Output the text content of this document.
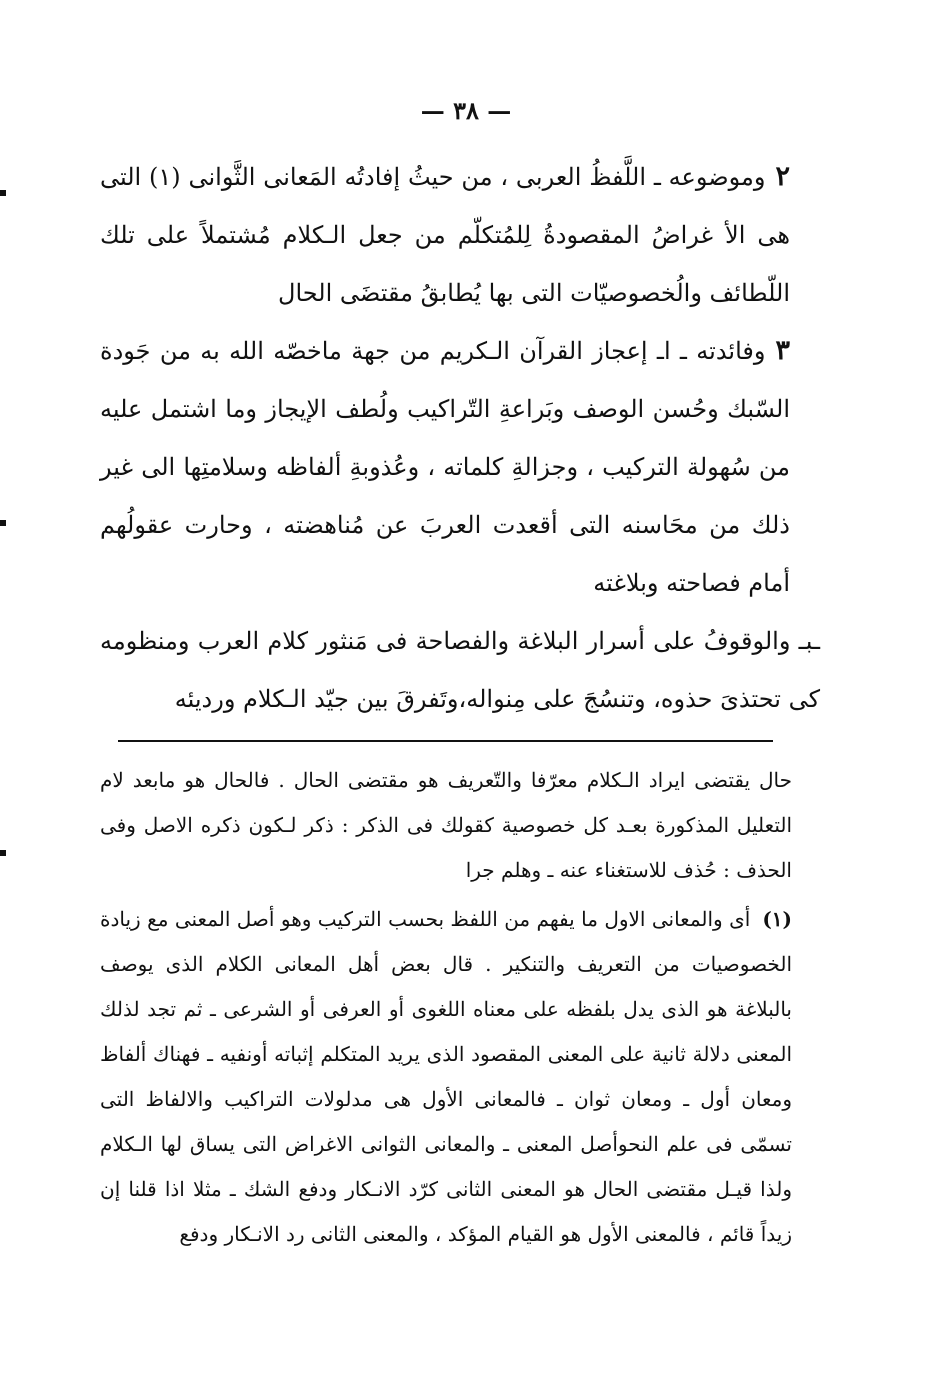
— ٣٨ —

٢وموضوعه ـ اللَّفظُ العربى ، من حيثُ إفادتُه المَعانى الثَّوانى (١) التى هى الأ غراضُ المقصودةُ لِلمُتكلّم من جعل الـكلام مُشتملاً على تلك اللّطائف والُخصوصيّات التى بها يُطابقُ مقتضَى الحال

٣وفائدته ـ اـ إعجاز القرآن الـكريم من جهة ماخصّه الله به من جَودة السّبك وحُسن الوصف وبَراعةِ التّراكيب ولُطف الإيجاز وما اشتمل عليه من سُهولة التركيب ، وجزالةِ كلماته ، وعُذوبةِ ألفاظه وسلامتِها الى غير ذلك من محَاسنه التى أقعدت العربَ عن مُناهضته ، وحارت عقولُهم أمام فصاحته وبلاغته

ـبـ والوقوفُ على أسرار البلاغة والفصاحة فى مَنثور كلام العرب ومنظومه كى تحتذىَ حذوه، وتنسُجَ على مِنواله،وتَفرقَ بين جيّد الـكلام ورديئه

حال يقتضى ايراد الـكلام معرّفا والتّعريف هو مقتضى الحال . فالحال هو مابعد لام التعليل المذكورة بعـد كل خصوصية كقولك فى الذكر : ذكر لـكون ذكره الاصل وفى الحذف : حُذف للاستغناء عنه ـ وهلم جرا

(١)أى والمعانى الاول ما يفهم من اللفظ بحسب التركيب وهو أصل المعنى مع زيادة الخصوصيات من التعريف والتنكير . قال بعض أهل المعانى الكلام الذى يوصف بالبلاغة هو الذى يدل بلفظه على معناه اللغوى أو العرفى أو الشرعى ـ ثم تجد لذلك المعنى دلالة ثانية على المعنى المقصود الذى يريد المتكلم إثباته أونفيه ـ فهناك ألفاظ ومعان أول ـ ومعان ثوان ـ فالمعانى الأول هى مدلولات التراكيب والالفاظ التى تسمّى فى علم النحوأصل المعنى ـ والمعانى الثوانى الاغراض التى يساق لها الـكلام ولذا قيـل مقتضى الحال هو المعنى الثانى كرّد الانـكار ودفع الشك ـ مثلا اذا قلنا إن زيداً قائم ، فالمعنى الأول هو القيام المؤكد ، والمعنى الثانى رد الانـكار ودفع
